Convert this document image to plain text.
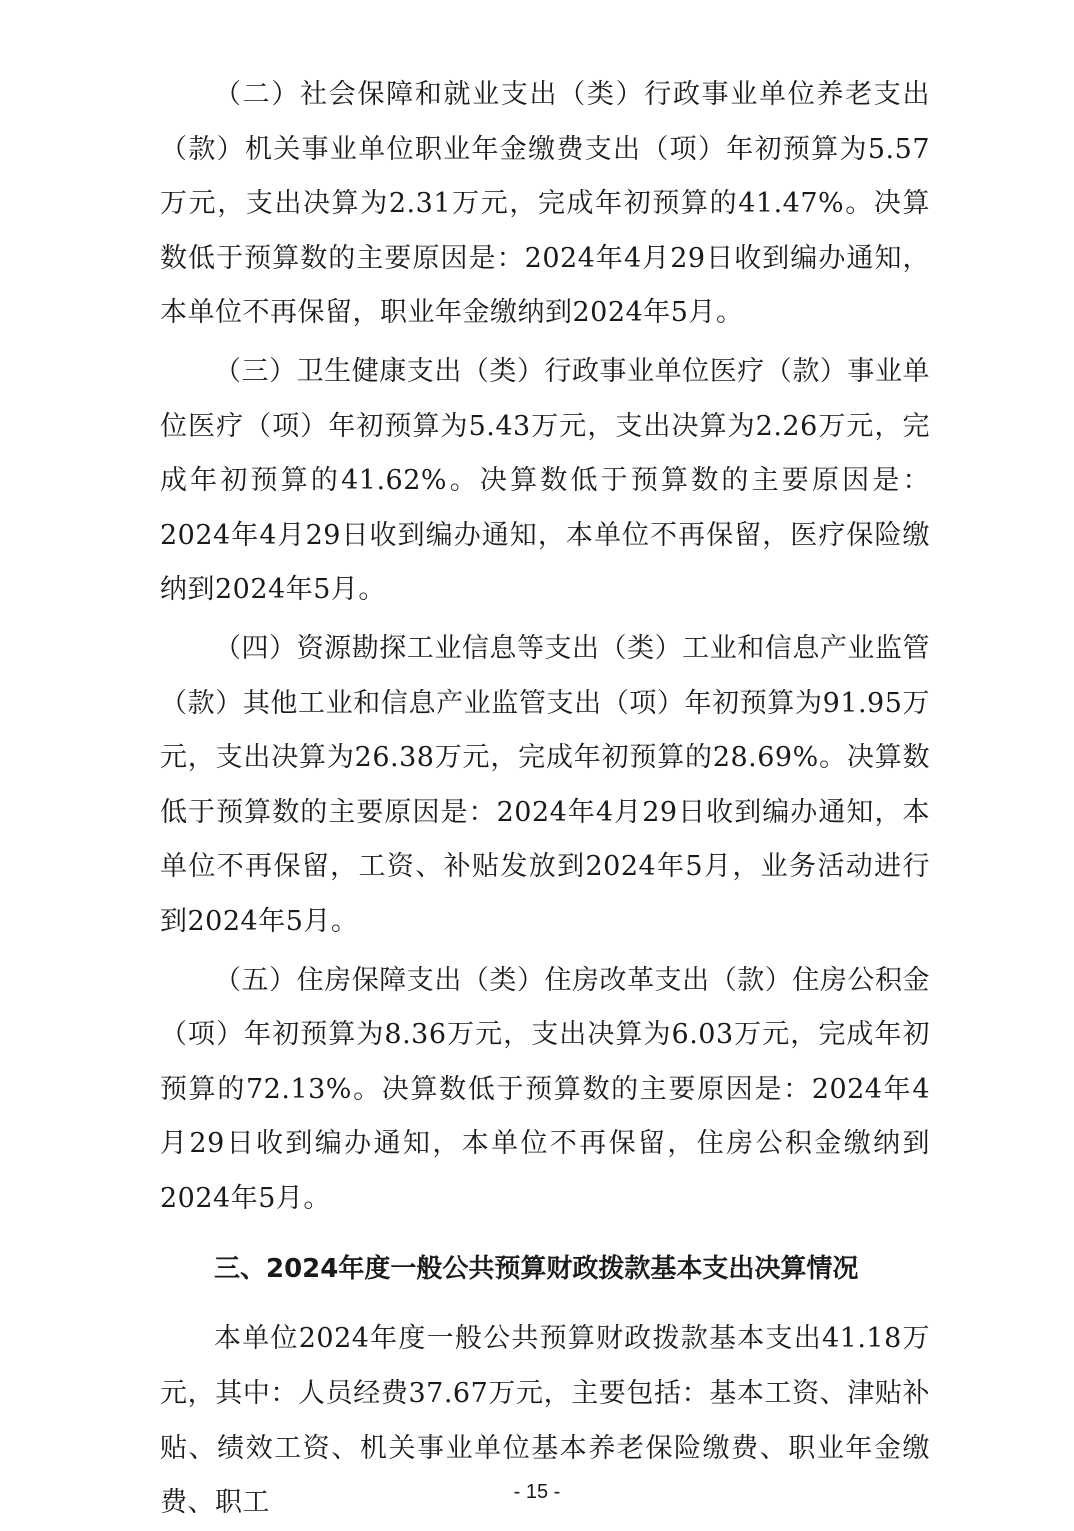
（二）社会保障和就业支出（类）行政事业单位养老支出（款）机关事业单位职业年金缴费支出（项）年初预算为5.57万元，支出决算为2.31万元，完成年初预算的41.47%。决算数低于预算数的主要原因是：2024年4月29日收到编办通知，本单位不再保留，职业年金缴纳到2024年5月。

（三）卫生健康支出（类）行政事业单位医疗（款）事业单位医疗（项）年初预算为5.43万元，支出决算为2.26万元，完成年初预算的41.62%。决算数低于预算数的主要原因是：2024年4月29日收到编办通知，本单位不再保留，医疗保险缴纳到2024年5月。

（四）资源勘探工业信息等支出（类）工业和信息产业监管（款）其他工业和信息产业监管支出（项）年初预算为91.95万元，支出决算为26.38万元，完成年初预算的28.69%。决算数低于预算数的主要原因是：2024年4月29日收到编办通知，本单位不再保留，工资、补贴发放到2024年5月，业务活动进行到2024年5月。

（五）住房保障支出（类）住房改革支出（款）住房公积金（项）年初预算为8.36万元，支出决算为6.03万元，完成年初预算的72.13%。决算数低于预算数的主要原因是：2024年4月29日收到编办通知，本单位不再保留，住房公积金缴纳到2024年5月。

三、2024年度一般公共预算财政拨款基本支出决算情况

本单位2024年度一般公共预算财政拨款基本支出41.18万元，其中：人员经费37.67万元，主要包括：基本工资、津贴补贴、绩效工资、机关事业单位基本养老保险缴费、职业年金缴费、职工	- 15 -
